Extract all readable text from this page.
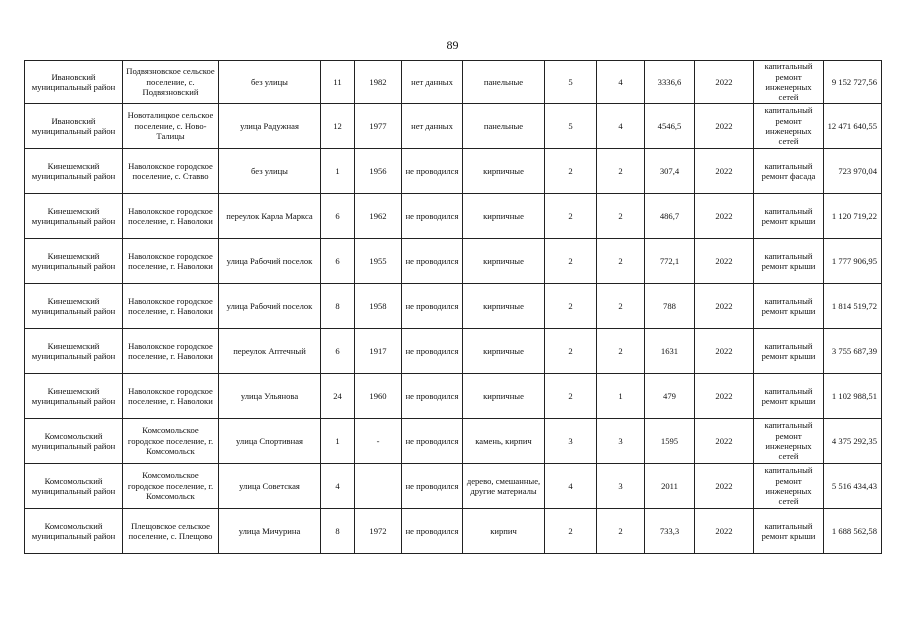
89
Ивановский муниципальный район	Подвязновское сельское поселение, с. Подвязновский	без улицы	11	1982	нет данных	панельные	5	4	3336,6	2022	капитальный ремонт инженерных сетей	9 152 727,56
Ивановский муниципальный район	Новоталицкое сельское поселение, с. Ново-Талицы	улица Радужная	12	1977	нет данных	панельные	5	4	4546,5	2022	капитальный ремонт инженерных сетей	12 471 640,55
Кинешемский муниципальный район	Наволокское городское поселение, с. Ставво	без улицы	1	1956	не проводился	кирпичные	2	2	307,4	2022	капитальный ремонт фасада	723 970,04
Кинешемский муниципальный район	Наволокское городское поселение, г. Наволоки	переулок Карла Маркса	6	1962	не проводился	кирпичные	2	2	486,7	2022	капитальный ремонт крыши	1 120 719,22
Кинешемский муниципальный район	Наволокское городское поселение, г. Наволоки	улица Рабочий поселок	6	1955	не проводился	кирпичные	2	2	772,1	2022	капитальный ремонт крыши	1 777 906,95
Кинешемский муниципальный район	Наволокское городское поселение, г. Наволоки	улица Рабочий поселок	8	1958	не проводился	кирпичные	2	2	788	2022	капитальный ремонт крыши	1 814 519,72
Кинешемский муниципальный район	Наволокское городское поселение, г. Наволоки	переулок Аптечный	6	1917	не проводился	кирпичные	2	2	1631	2022	капитальный ремонт крыши	3 755 687,39
Кинешемский муниципальный район	Наволокское городское поселение, г. Наволоки	улица Ульянова	24	1960	не проводился	кирпичные	2	1	479	2022	капитальный ремонт крыши	1 102 988,51
Комсомольский муниципальный район	Комсомольское городское поселение, г. Комсомольск	улица Спортивная	1	-	не проводился	камень, кирпич	3	3	1595	2022	капитальный ремонт инженерных сетей	4 375 292,35
Комсомольский муниципальный район	Комсомольское городское поселение, г. Комсомольск	улица Советская	4		не проводился	дерево, смешанные, другие материалы	4	3	2011	2022	капитальный ремонт инженерных сетей	5 516 434,43
Комсомольский муниципальный район	Плещовское сельское поселение, с. Плещово	улица Мичурина	8	1972	не проводился	кирпич	2	2	733,3	2022	капитальный ремонт крыши	1 688 562,58
